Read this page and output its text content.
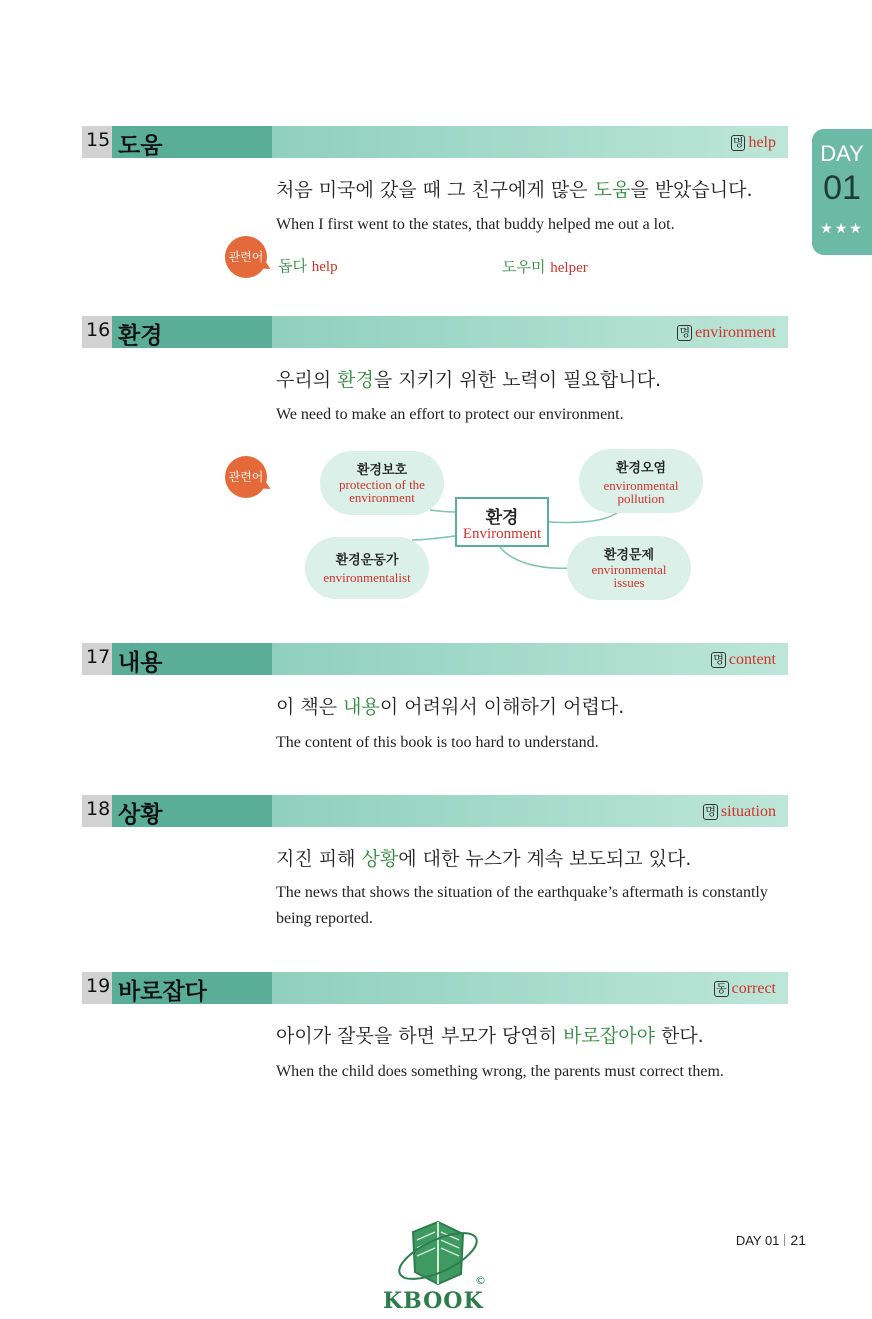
DAY
01
★★★
15 도움	명 help
처음 미국에 갔을 때 그 친구에게 많은 도움을 받았습니다.
When I first went to the states, that buddy helped me out a lot.
관련어 돕다 help	도우미 helper
16 환경	명 environment
우리의 환경을 지키기 위한 노력이 필요합니다.
We need to make an effort to protect our environment.
관련어	환경보호
protection of the
environment
환경오염
environmental
pollution
환경운동가
environmentalist
환경문제
environmental
issues
환경
Environment
17 내용	명 content
이 책은 내용이 어려워서 이해하기 어렵다.
The content of this book is too hard to understand.
18 상황	명 situation
지진 피해 상황에 대한 뉴스가 계속 보도되고 있다.
The news that shows the situation of the earthquake’s aftermath is constantly being reported.
19 바로잡다	동 correct
아이가 잘못을 하면 부모가 당연히 바로잡아야 한다.
When the child does something wrong, the parents must correct them.
©
KBOOK
DAY 01 21
